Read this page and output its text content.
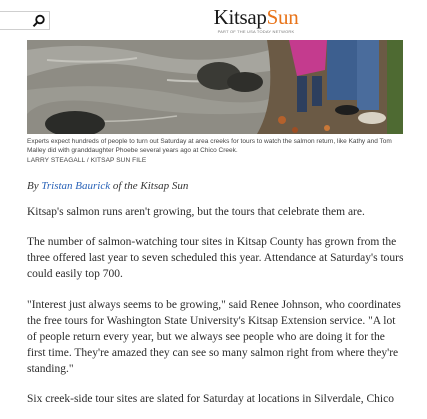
KitsapSun
PART OF THE USA TODAY NETWORK

Experts expect hundreds of people to turn out Saturday at area creeks for tours to watch the salmon return, like Kathy and Tom Malley did with granddaughter Phoebe several years ago at Chico Creek.

LARRY STEAGALL / KITSAP SUN FILE

By Tristan Baurick of the Kitsap Sun

Kitsap's salmon runs aren't growing, but the tours that celebrate them are.

The number of salmon-watching tour sites in Kitsap County has grown from the three offered last year to seven scheduled this year. Attendance at Saturday's tours could easily top 700.

"Interest just always seems to be growing," said Renee Johnson, who coordinates the free tours for Washington State University's Kitsap Extension service. "A lot of people return every year, but we always see people who are doing it for the first time. They're amazed they can see so many salmon right from where they're standing."

Six creek-side tour sites are slated for Saturday at locations in Silverdale, Chico
